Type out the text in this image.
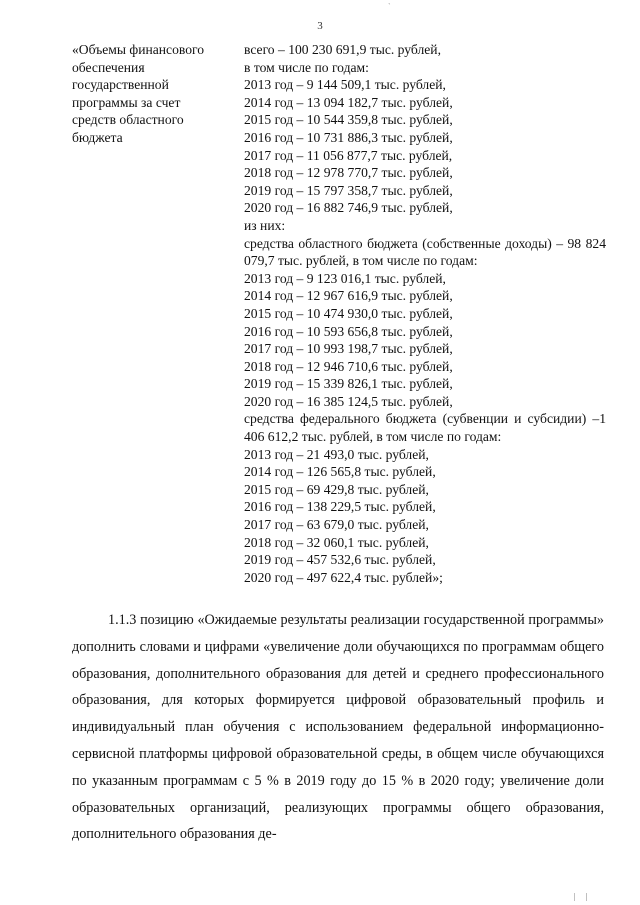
`
3
«Объемы финансового
обеспечения
государственной
программы за счет
средств областного
бюджета
всего – 100 230 691,9 тыс. рублей,
в том числе по годам:
2013 год – 9 144 509,1 тыс. рублей,
2014 год – 13 094 182,7 тыс. рублей,
2015 год – 10 544 359,8 тыс. рублей,
2016 год – 10 731 886,3 тыс. рублей,
2017 год – 11 056 877,7 тыс. рублей,
2018 год – 12 978 770,7 тыс. рублей,
2019 год – 15 797 358,7 тыс. рублей,
2020 год – 16 882 746,9 тыс. рублей,
из них:
средства областного бюджета (собственные доходы) – 98 824 079,7 тыс. рублей, в том числе по годам:
2013 год – 9 123 016,1 тыс. рублей,
2014 год – 12 967 616,9 тыс. рублей,
2015 год – 10 474 930,0 тыс. рублей,
2016 год – 10 593 656,8 тыс. рублей,
2017 год – 10 993 198,7 тыс. рублей,
2018 год – 12 946 710,6 тыс. рублей,
2019 год – 15 339 826,1 тыс. рублей,
2020 год – 16 385 124,5 тыс. рублей,
средства федерального бюджета (субвенции и субсидии) –1 406 612,2 тыс. рублей, в том числе по годам:
2013 год – 21 493,0 тыс. рублей,
2014 год – 126 565,8 тыс. рублей,
2015 год – 69 429,8 тыс. рублей,
2016 год – 138 229,5 тыс. рублей,
2017 год – 63 679,0 тыс. рублей,
2018 год – 32 060,1 тыс. рублей,
2019 год – 457 532,6 тыс. рублей,
2020 год – 497 622,4 тыс. рублей»;

1.1.3 позицию «Ожидаемые результаты реализации государственной программы» дополнить словами и цифрами «увеличение доли обучающихся по программам общего образования, дополнительного образования для детей и среднего профессионального образования, для которых формируется цифровой образовательный профиль и индивидуальный план обучения с использованием федеральной информационно-сервисной платформы цифровой образовательной среды, в общем числе обучающихся по указанным программам с 5 % в 2019 году до 15 % в 2020 году; увеличение доли образовательных организаций, реализующих программы общего образования, дополнительного образования де-

| |
